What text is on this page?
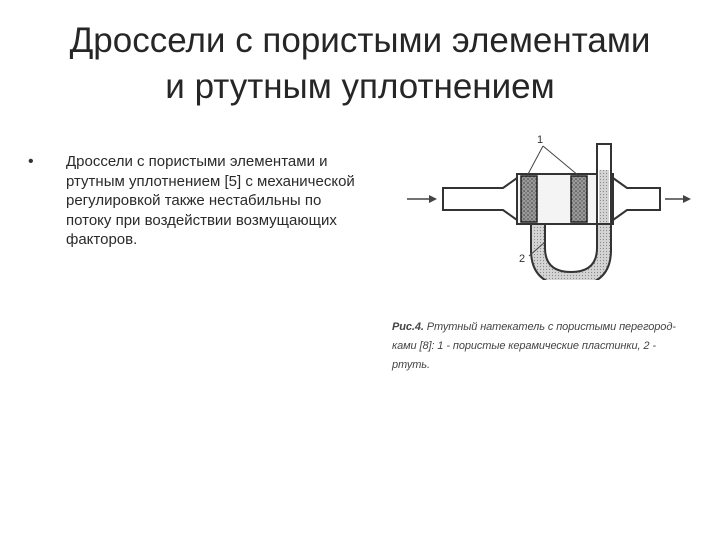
Дроссели с пористыми элементами
и ртутным уплотнением
• Дроссели с пористыми элементами и ртутным уплотнением [5] с механической регулировкой также нестабильны по потоку при воздействии возмущающих факторов.
1
2
Рис.4. Ртутный натекатель с пористыми перегород-ками [8]: 1 - пористые керамические пластинки, 2 - ртуть.
